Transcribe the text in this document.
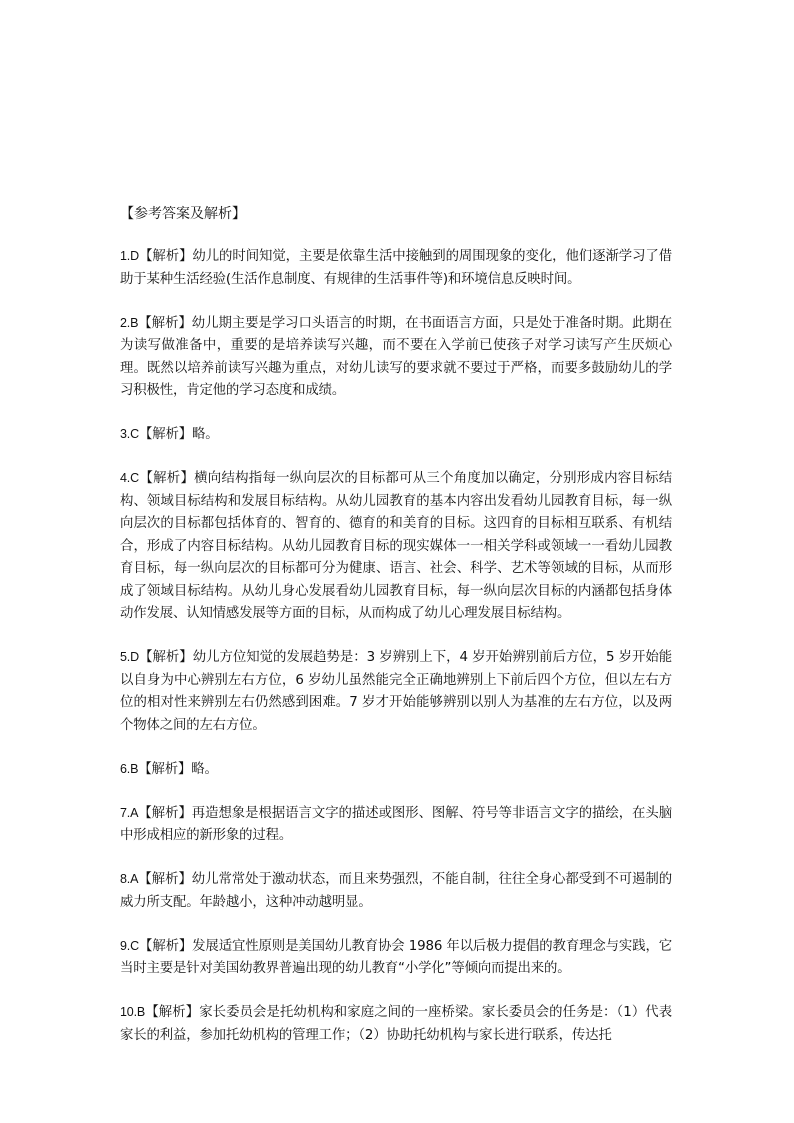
【参考答案及解析】

1.D【解析】幼儿的时间知觉，主要是依靠生活中接触到的周围现象的变化，他们逐渐学习了借助于某种生活经验(生活作息制度、有规律的生活事件等)和环境信息反映时间。

2.B【解析】幼儿期主要是学习口头语言的时期，在书面语言方面，只是处于准备时期。此期在为读写做准备中，重要的是培养读写兴趣，而不要在入学前已使孩子对学习读写产生厌烦心理。既然以培养前读写兴趣为重点，对幼儿读写的要求就不要过于严格，而要多鼓励幼儿的学习积极性，肯定他的学习态度和成绩。

3.C【解析】略。

4.C【解析】横向结构指每一纵向层次的目标都可从三个角度加以确定，分别形成内容目标结构、领域目标结构和发展目标结构。从幼儿园教育的基本内容出发看幼儿园教育目标，每一纵向层次的目标都包括体育的、智育的、德育的和美育的目标。这四育的目标相互联系、有机结合，形成了内容目标结构。从幼儿园教育目标的现实媒体一一相关学科或领域一一看幼儿园教育目标，每一纵向层次的目标都可分为健康、语言、社会、科学、艺术等领域的目标，从而形成了领域目标结构。从幼儿身心发展看幼儿园教育目标，每一纵向层次目标的内涵都包括身体动作发展、认知情感发展等方面的目标，从而构成了幼儿心理发展目标结构。

5.D【解析】幼儿方位知觉的发展趋势是：3 岁辨别上下，4 岁开始辨别前后方位，5 岁开始能以自身为中心辨别左右方位，6 岁幼儿虽然能完全正确地辨别上下前后四个方位，但以左右方位的相对性来辨别左右仍然感到困难。7 岁才开始能够辨别以别人为基准的左右方位，以及两个物体之间的左右方位。

6.B【解析】略。

7.A【解析】再造想象是根据语言文字的描述或图形、图解、符号等非语言文字的描绘，在头脑中形成相应的新形象的过程。

8.A【解析】幼儿常常处于激动状态，而且来势强烈，不能自制，往往全身心都受到不可遏制的威力所支配。年龄越小，这种冲动越明显。

9.C【解析】发展适宜性原则是美国幼儿教育协会 1986 年以后极力提倡的教育理念与实践，它当时主要是针对美国幼教界普遍出现的幼儿教育“小学化”等倾向而提出来的。

10.B【解析】家长委员会是托幼机构和家庭之间的一座桥梁。家长委员会的任务是：（1）代表家长的利益，参加托幼机构的管理工作；（2）协助托幼机构与家长进行联系，传达托
